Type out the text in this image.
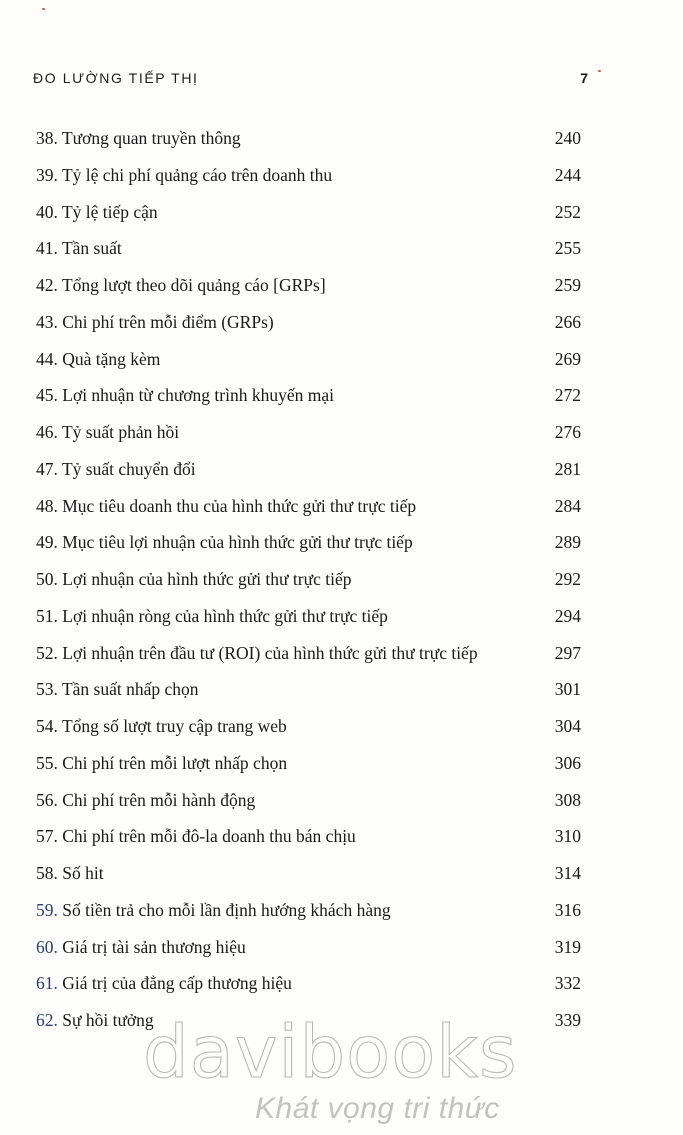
ĐO LƯỜNG TIẾP THỊ	7
38. Tương quan truyền thông	240
39. Tỷ lệ chi phí quảng cáo trên doanh thu	244
40. Tỷ lệ tiếp cận	252
41. Tần suất	255
42. Tổng lượt theo dõi quảng cáo [GRPs]	259
43. Chi phí trên mỗi điểm (GRPs)	266
44. Quà tặng kèm	269
45. Lợi nhuận từ chương trình khuyến mại	272
46. Tỷ suất phản hồi	276
47. Tỷ suất chuyển đổi	281
48. Mục tiêu doanh thu của hình thức gửi thư trực tiếp	284
49. Mục tiêu lợi nhuận của hình thức gửi thư trực tiếp	289
50. Lợi nhuận của hình thức gửi thư trực tiếp	292
51. Lợi nhuận ròng của hình thức gửi thư trực tiếp	294
52. Lợi nhuận trên đầu tư (ROI) của hình thức gửi thư trực tiếp	297
53. Tần suất nhấp chọn	301
54. Tổng số lượt truy cập trang web	304
55. Chi phí trên mỗi lượt nhấp chọn	306
56. Chi phí trên mỗi hành động	308
57. Chi phí trên mỗi đô-la doanh thu bán chịu	310
58. Số hit	314
59. Số tiền trả cho mỗi lần định hướng khách hàng	316
60. Giá trị tài sản thương hiệu	319
61. Giá trị của đẳng cấp thương hiệu	332
62. Sự hồi tưởng	339
davibooks
Khát vọng tri thức
